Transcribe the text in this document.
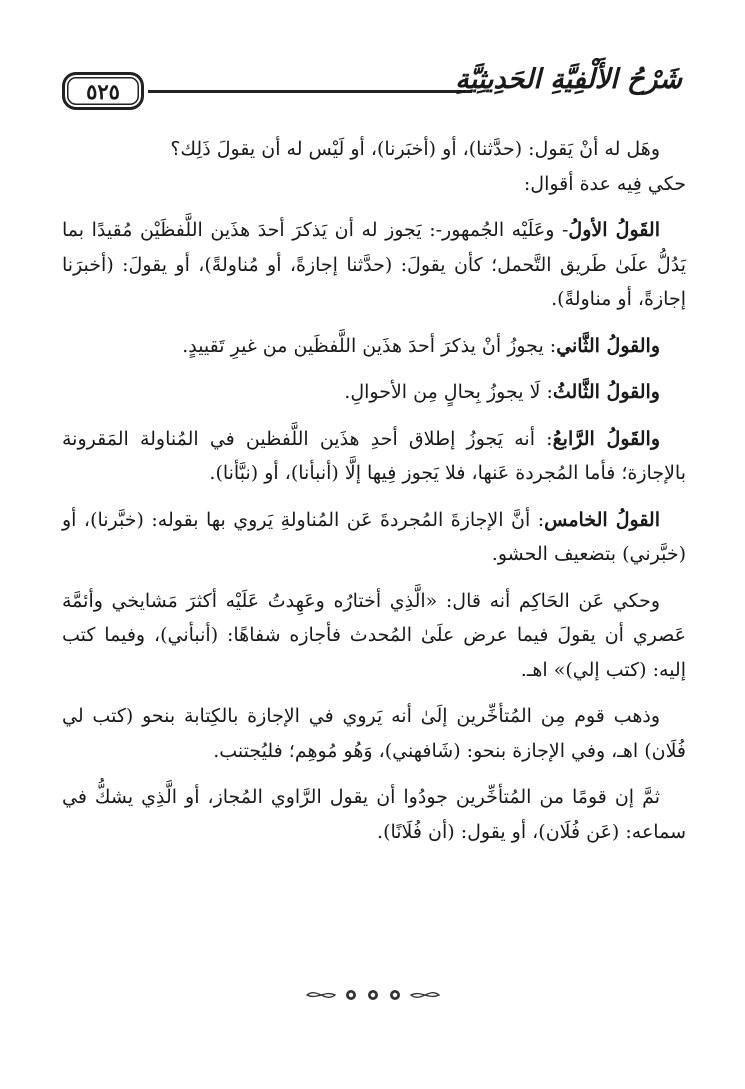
٥٢٥	شَرْحُ الأَلْفِيَّةِ الحَدِيثِيَّةِ

وهَل له أنْ يَقول: (حدَّثنا)، أو (أخبَرنا)، أو لَيْس له أن يقولَ ذَلِك؟

حكي فِيه عدة أقوال:

القَولُ الأولُ- وعَلَيْه الجُمهور-: يَجوز له أن يَذكرَ أحدَ هذَين اللَّفظَيْن مُقيدًا بما يَدُلُّ علَىٰ طَريق التَّحمل؛ كأن يقولَ: (حدَّثنا إجازةً، أو مُناولةً)، أو يقولَ: (أخبرَنا إجازةً، أو مناولةً).

والقولُ الثَّاني: يجوزُ أنْ يذكرَ أحدَ هذَين اللَّفظَين من غيرِ تَقييدٍ.

والقولُ الثَّالثُ: لَا يجوزُ بِحالٍ مِن الأحوالِ.

والقَولُ الرَّابعُ: أنه يَجوزُ إطلاق أحدِ هذَين اللَّفظين في المُناولة المَقرونة بالإجازة؛ فأما المُجردة عَنها، فلا يَجوز فِيها إلَّا (أنبأنا)، أو (نبَّأنا).

القولُ الخامس: أنَّ الإجازةَ المُجردةَ عَن المُناولةِ يَروي بها بقوله: (خبَّرنا)، أو (خبَّرني) بتضعيف الحشو.

وحكي عَن الحَاكِم أنه قال: «الَّذِي أختارُه وعَهِدتُ عَلَيْه أكثرَ مَشايخي وأئمَّة عَصري أن يقولَ فيما عرض علَىٰ المُحدث فأجازه شفاهًا: (أنبأني)، وفيما كتب إليه: (كتب إلي)» اهـ.

وذهب قوم مِن المُتأخِّرين إلَىٰ أنه يَروي في الإجازة بالكِتابة بنحو (كتب لي فُلَان) اهـ، وفي الإجازة بنحو: (شَافهني)، وَهُو مُوهِم؛ فليُجتنب.

ثمَّ إن قومًا من المُتأخِّرين جودُوا أن يقول الرَّاوي المُجاز، أو الَّذِي يشكُّ في سماعه: (عَن فُلَان)، أو يقول: (أن فُلَانًا).
